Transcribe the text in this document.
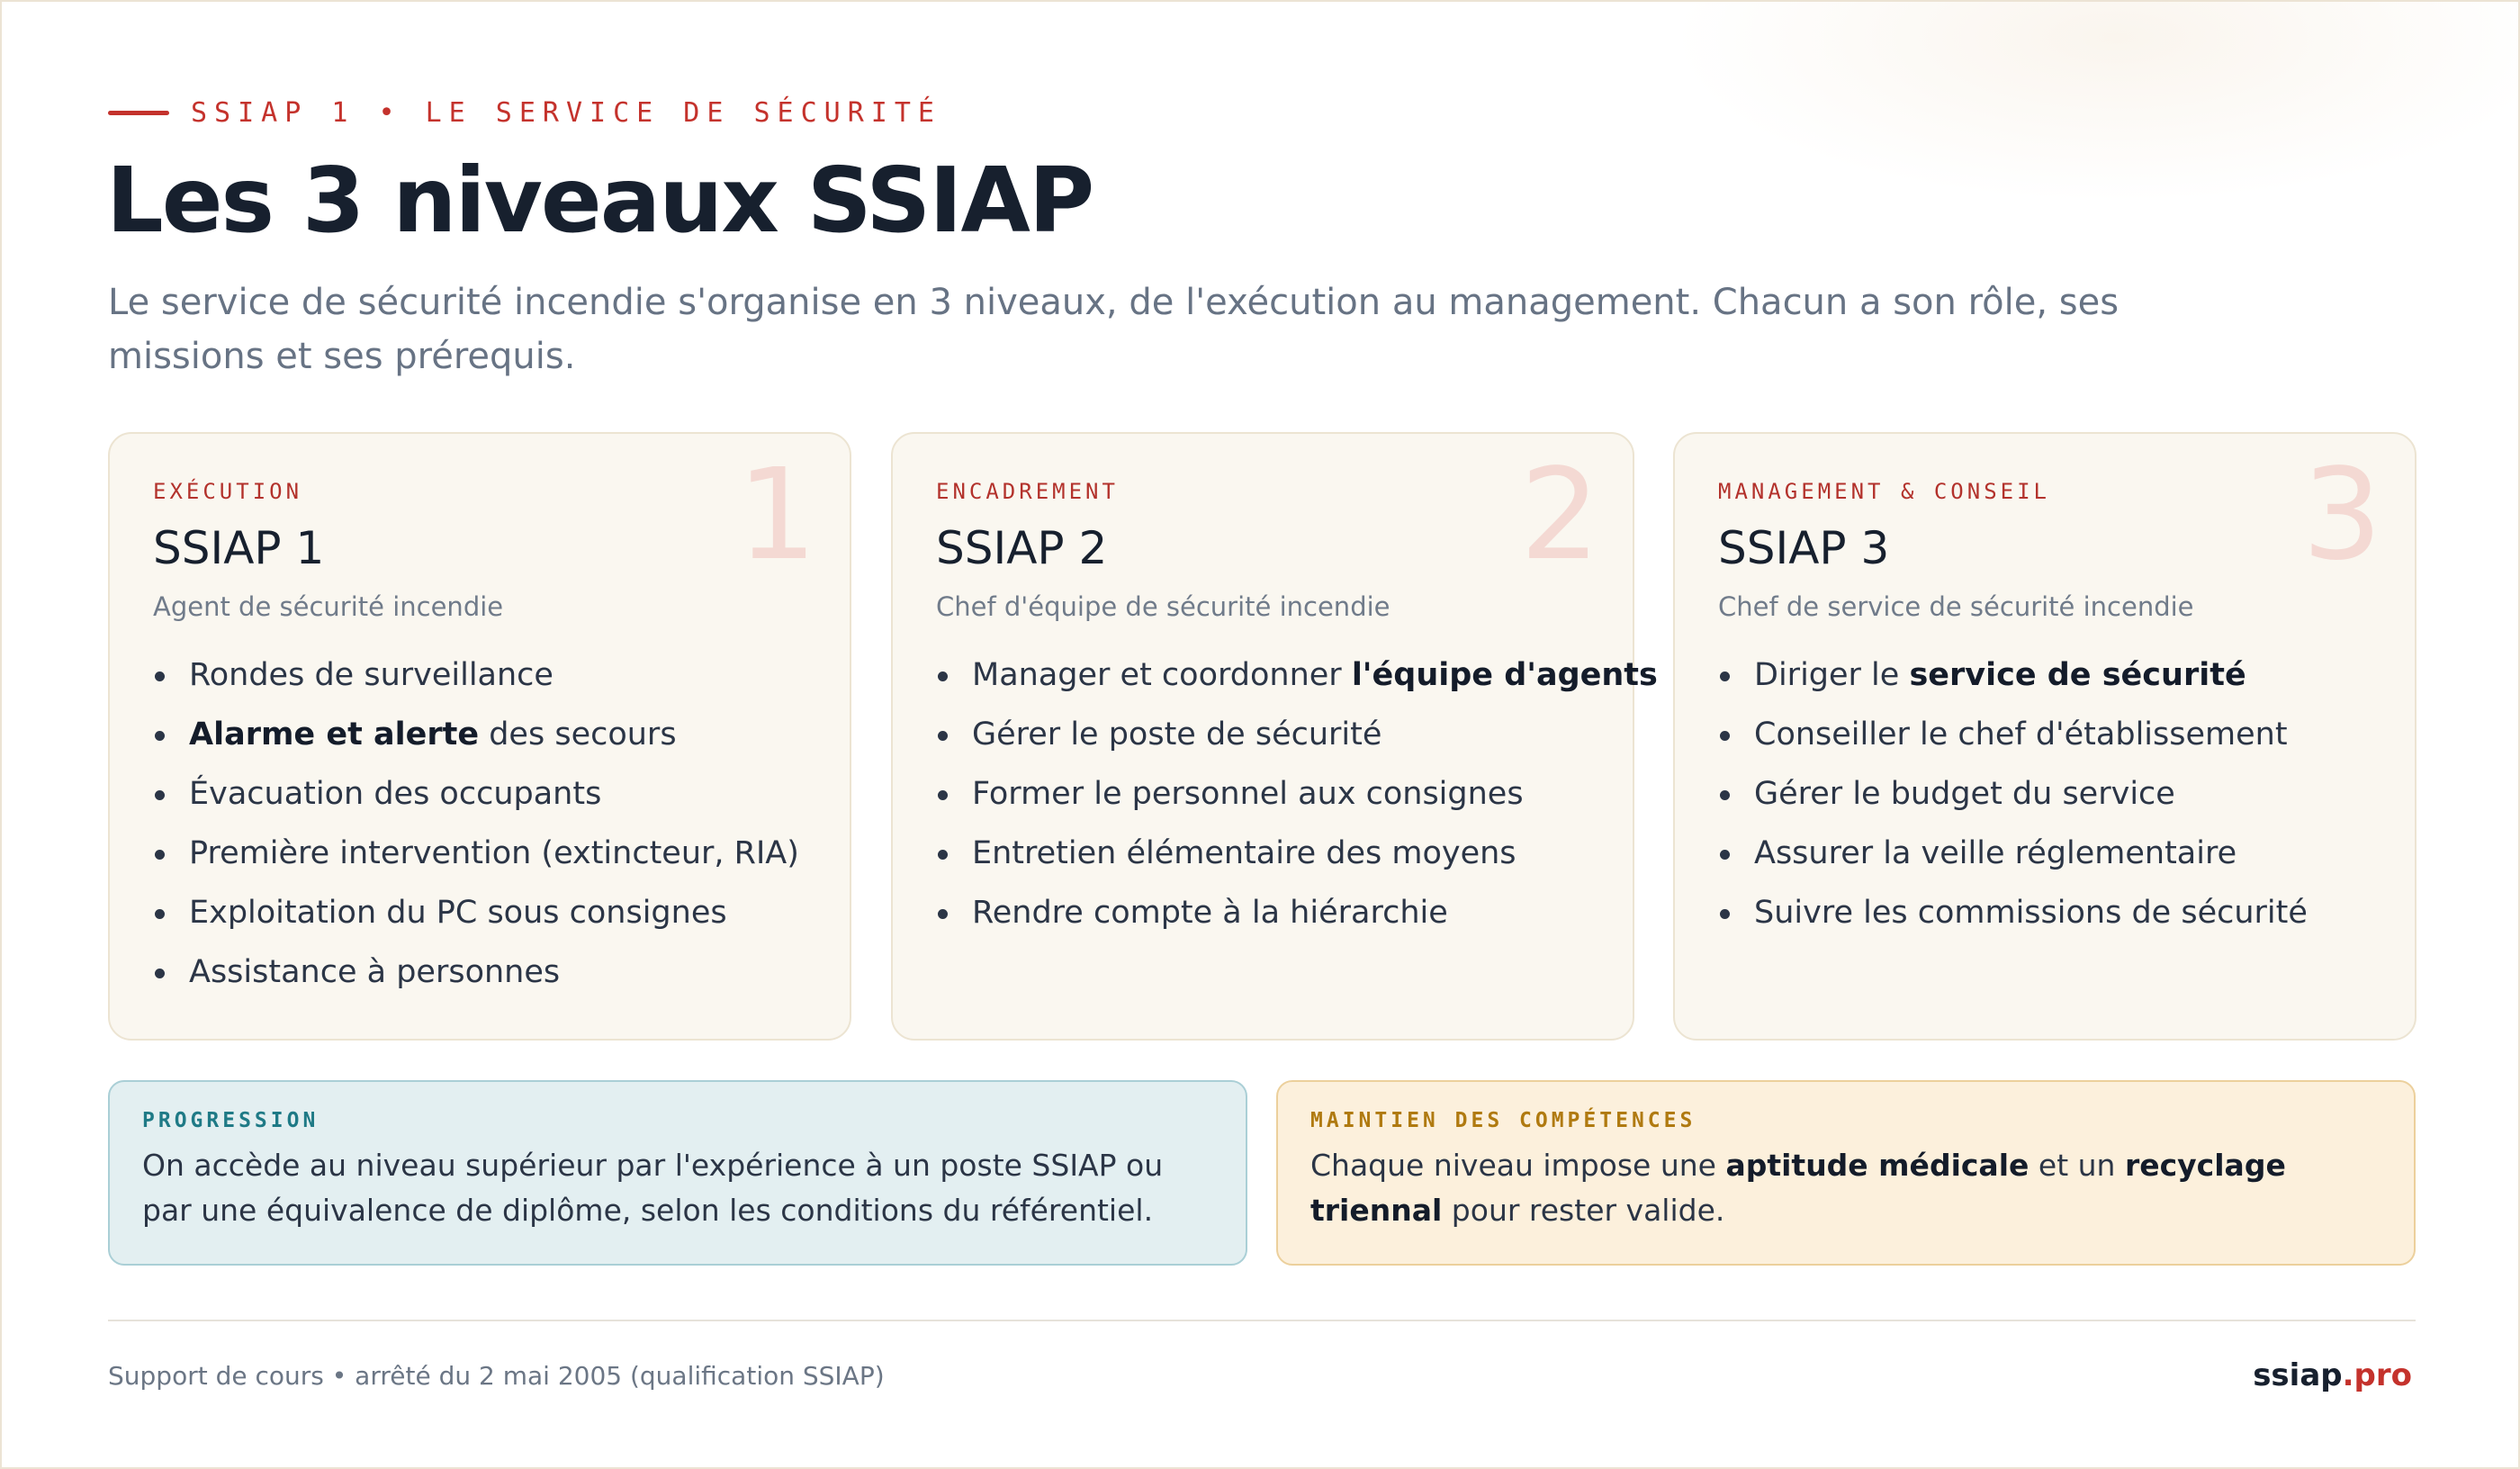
SSIAP 1 • LE SERVICE DE SÉCURITÉ
Les 3 niveaux SSIAP

Le service de sécurité incendie s'organise en 3 niveaux, de l'exécution au management. Chacun a son rôle, ses missions et ses prérequis.

1
EXÉCUTION
SSIAP 1
Agent de sécurité incendie
Rondes de surveillance
Alarme et alerte des secours
Évacuation des occupants
Première intervention (extincteur, RIA)
Exploitation du PC sous consignes
Assistance à personnes
2
ENCADREMENT
SSIAP 2
Chef d'équipe de sécurité incendie
Manager et coordonner l'équipe d'agents
Gérer le poste de sécurité
Former le personnel aux consignes
Entretien élémentaire des moyens
Rendre compte à la hiérarchie
3
MANAGEMENT & CONSEIL
SSIAP 3
Chef de service de sécurité incendie
Diriger le service de sécurité
Conseiller le chef d'établissement
Gérer le budget du service
Assurer la veille réglementaire
Suivre les commissions de sécurité
PROGRESSION
On accède au niveau supérieur par l'expérience à un poste SSIAP ou par une équivalence de diplôme, selon les conditions du référentiel.
MAINTIEN DES COMPÉTENCES
Chaque niveau impose une aptitude médicale et un recyclage triennal pour rester valide.
Support de cours • arrêté du 2 mai 2005 (qualification SSIAP)	ssiap.pro
